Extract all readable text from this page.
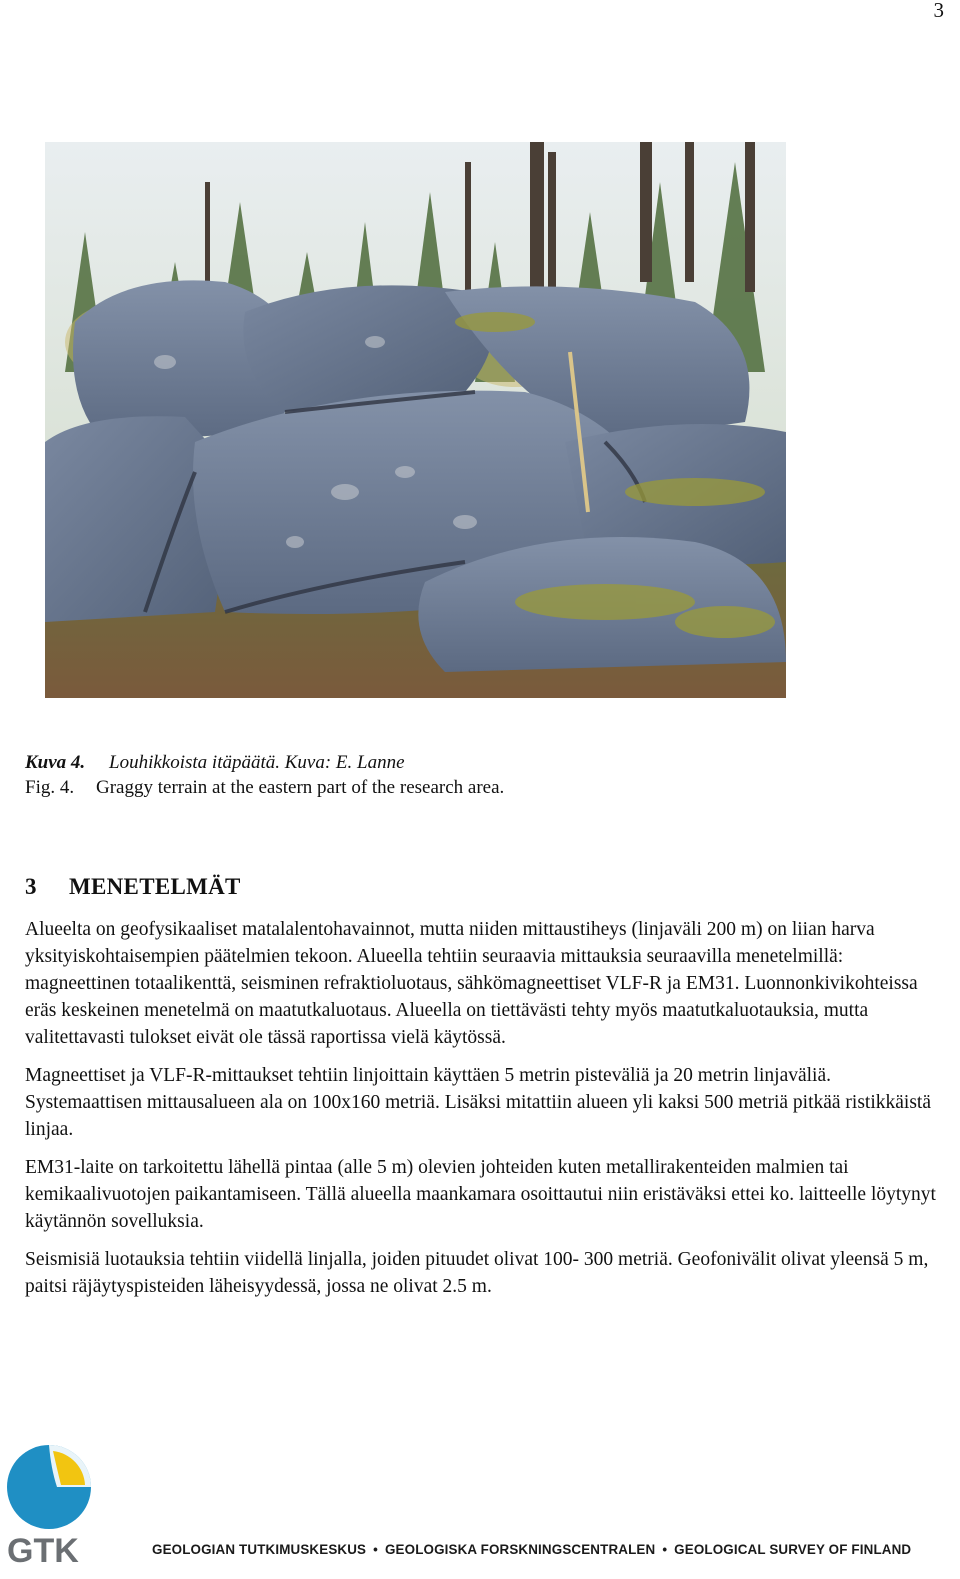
3
Kuva 4. Louhikkoista itäpäätä. Kuva: E. Lanne
Fig. 4. Graggy terrain at the eastern part of the research area.
3 MENETELMÄT

Alueelta on geofysikaaliset matalalentohavainnot, mutta niiden mittaustiheys (linjaväli 200 m) on liian harva yksityiskohtaisempien päätelmien tekoon. Alueella tehtiin seuraavia mittauksia seuraavilla menetelmillä: magneettinen totaalikenttä, seisminen refraktioluotaus, sähkömagneettiset VLF-R ja EM31. Luonnonkivikohteissa eräs keskeinen menetelmä on maatutkaluotaus. Alueella on tiettävästi tehty myös maatutkaluotauksia, mutta valitettavasti tulokset eivät ole tässä raportissa vielä käytössä.

Magneettiset ja VLF-R-mittaukset tehtiin linjoittain käyttäen 5 metrin pisteväliä ja 20 metrin linjaväliä. Systemaattisen mittausalueen ala on 100x160 metriä. Lisäksi mitattiin alueen yli kaksi 500 metriä pitkää ristikkäistä linjaa.

EM31-laite on tarkoitettu lähellä pintaa (alle 5 m) olevien johteiden kuten metallirakenteiden malmien tai kemikaalivuotojen paikantamiseen. Tällä alueella maankamara osoittautui niin eristäväksi ettei ko. laitteelle löytynyt käytännön sovelluksia.

Seismisiä luotauksia tehtiin viidellä linjalla, joiden pituudet olivat 100- 300 metriä. Geofonivälit olivat yleensä 5 m, paitsi räjäytyspisteiden läheisyydessä, jossa ne olivat 2.5 m.

GTK	GEOLOGIAN TUTKIMUSKESKUS • GEOLOGISKA FORSKNINGSCENTRALEN • GEOLOGICAL SURVEY OF FINLAND
